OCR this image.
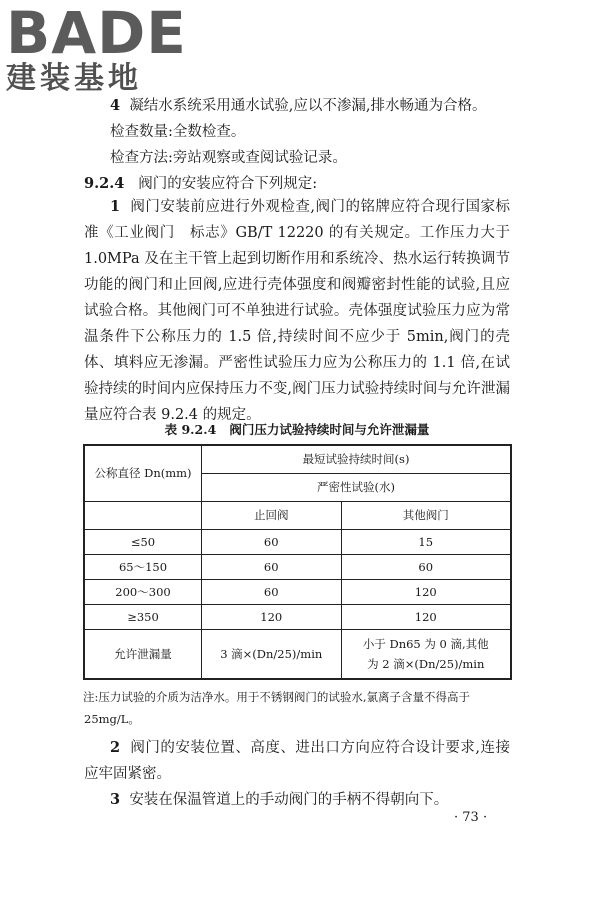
BADE
建装基地
4 凝结水系统采用通水试验,应以不渗漏,排水畅通为合格。
检查数量:全数检查。
检查方法:旁站观察或查阅试验记录。
9.2.4 阀门的安装应符合下列规定:
1 阀门安装前应进行外观检查,阀门的铭牌应符合现行国家标准《工业阀门　标志》GB/T 12220 的有关规定。工作压力大于1.0MPa 及在主干管上起到切断作用和系统冷、热水运行转换调节功能的阀门和止回阀,应进行壳体强度和阀瓣密封性能的试验,且应试验合格。其他阀门可不单独进行试验。壳体强度试验压力应为常温条件下公称压力的 1.5 倍,持续时间不应少于 5min,阀门的壳体、填料应无渗漏。严密性试验压力应为公称压力的 1.1 倍,在试验持续的时间内应保持压力不变,阀门压力试验持续时间与允许泄漏量应符合表 9.2.4 的规定。
表 9.2.4 阀门压力试验持续时间与允许泄漏量
公称直径 Dn(mm)	最短试验持续时间(s)	
	严密性试验(水)	
	止回阀	其他阀门
≤50	60	15
65～150	60	60
200～300	60	120
≥350	120	120
允许泄漏量	3 滴×(Dn/25)/min	小于 Dn65 为 0 滴,其他
为 2 滴×(Dn/25)/min
注:压力试验的介质为洁净水。用于不锈钢阀门的试验水,氯离子含量不得高于25mg/L。
2 阀门的安装位置、高度、进出口方向应符合设计要求,连接应牢固紧密。
3 安装在保温管道上的手动阀门的手柄不得朝向下。
· 73 ·
